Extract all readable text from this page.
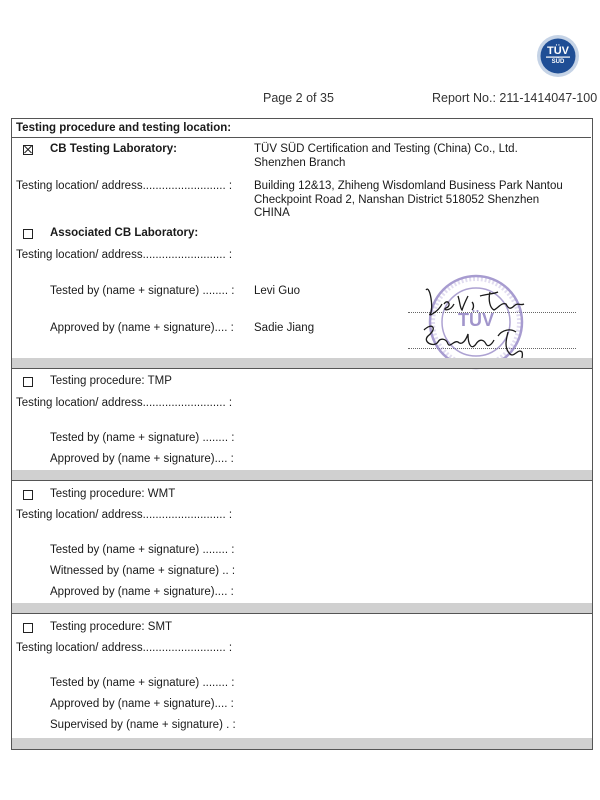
TÜV
SÜD
Page 2 of 35	Report No.: 211-1414047-100
Testing procedure and testing location:
CB Testing Laboratory:	TÜV SÜD Certification and Testing (China) Co., Ltd.
Shenzhen Branch
Testing location/ address.......................... : Building 12&13, Zhiheng Wisdomland Business Park Nantou
Checkpoint Road 2, Nanshan District 518052 Shenzhen
CHINA
Associated CB Laboratory:
Testing location/ address.......................... :
Tested by (name + signature) ........ : Levi Guo
Approved by (name + signature).... : Sadie Jiang	TÜV
Testing procedure: TMP
Testing location/ address.......................... :
Tested by (name + signature) ........ :
Approved by (name + signature).... :
Testing procedure: WMT
Testing location/ address.......................... :
Tested by (name + signature) ........ :
Witnessed by (name + signature) .. :
Approved by (name + signature).... :
Testing procedure: SMT
Testing location/ address.......................... :
Tested by (name + signature) ........ :
Approved by (name + signature).... :
Supervised by (name + signature) . :
